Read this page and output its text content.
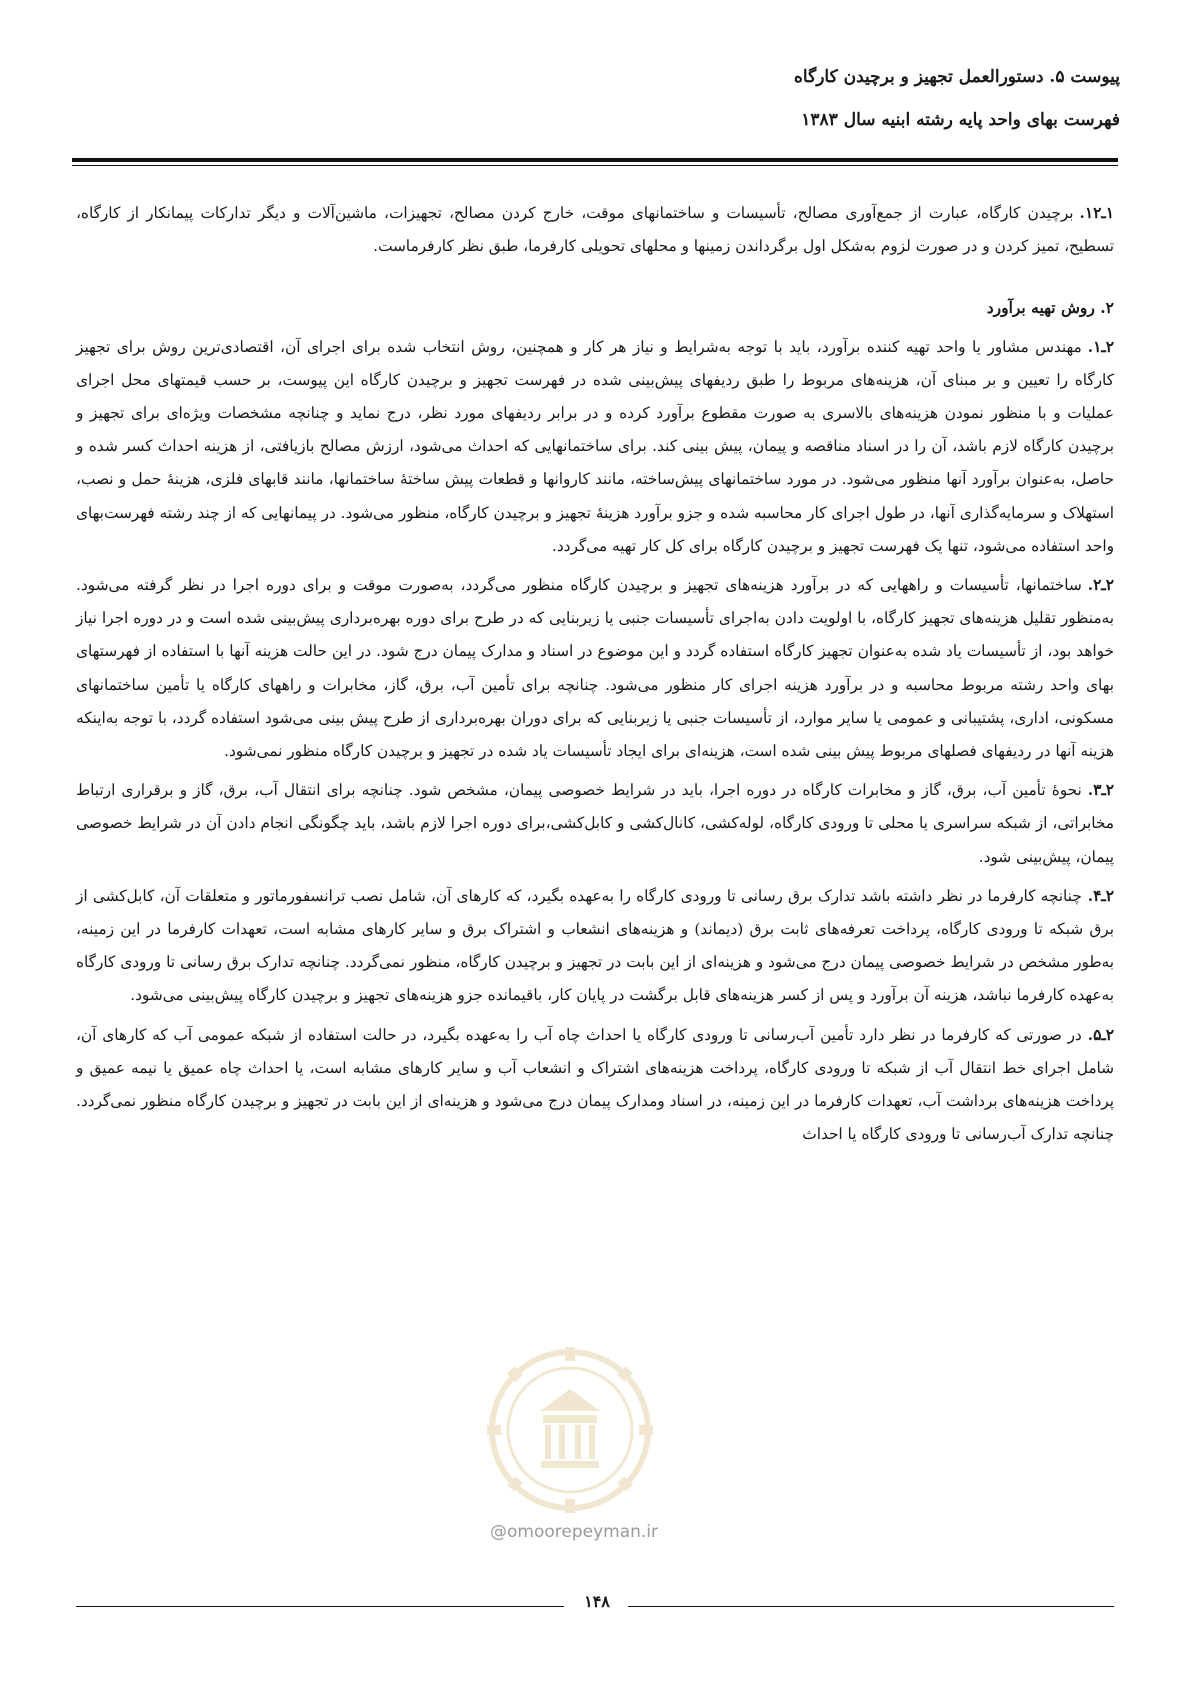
پیوست ۵. دستورالعمل تجهیز و برچیدن کارگاه
فهرست بهای واحد پایه رشته ابنیه سال ۱۳۸۳

۱ـ۱۲.برچیدن کارگاه، عبارت از جمع‌آوری مصالح، تأسیسات و ساختمانهای موقت، خارج کردن مصالح، تجهیزات، ماشین‌آلات و دیگر تدارکات پیمانکار از کارگاه، تسطیح، تمیز کردن و در صورت لزوم به‌شکل اول برگرداندن زمینها و محلهای تحویلی کارفرما، طبق نظر کارفرماست.

۲. روش تهیه برآورد

۲ـ۱.مهندس مشاور یا واحد تهیه کننده برآورد، باید با توجه به‌شرایط و نیاز هر کار و همچنین، روش انتخاب شده برای اجرای آن، اقتصادی‌ترین روش برای تجهیز کارگاه را تعیین و بر مبنای آن، هزینه‌های مربوط را طبق ردیفهای پیش‌بینی شده در فهرست تجهیز و برچیدن کارگاه این پیوست، بر حسب قیمتهای محل اجرای عملیات و با منظور نمودن هزینه‌های بالاسری به صورت مقطوع برآورد کرده و در برابر ردیفهای مورد نظر، درج نماید و چنانچه مشخصات ویژه‌ای برای تجهیز و برچیدن کارگاه لازم باشد، آن را در اسناد مناقصه و پیمان، پیش بینی کند. برای ساختمانهایی که احداث می‌شود، ارزش مصالح بازیافتی، از هزینه احداث کسر شده و حاصل، به‌عنوان برآورد آنها منظور می‌شود. در مورد ساختمانهای پیش‌ساخته، مانند کاروانها و قطعات پیش ساختهٔ ساختمانها، مانند قابهای فلزی، هزینهٔ حمل و نصب، استهلاک و سرمایه‌گذاری آنها، در طول اجرای کار محاسبه شده و جزو برآورد هزینهٔ تجهیز و برچیدن کارگاه، منظور می‌شود. در پیمانهایی که از چند رشته فهرست‌بهای واحد استفاده می‌شود، تنها یک فهرست تجهیز و برچیدن کارگاه برای کل کار تهیه می‌گردد.

۲ـ۲.ساختمانها، تأسیسات و راههایی که در برآورد هزینه‌های تجهیز و برچیدن کارگاه منظور می‌گردد، به‌صورت موقت و برای دوره اجرا در نظر گرفته می‌شود. به‌منظور تقلیل هزینه‌های تجهیز کارگاه، با اولویت دادن به‌اجرای تأسیسات جنبی یا زیربنایی که در طرح برای دوره بهره‌برداری پیش‌بینی شده است و در دوره اجرا نیاز خواهد بود، از تأسیسات یاد شده به‌عنوان تجهیز کارگاه استفاده گردد و این موضوع در اسناد و مدارک پیمان درج شود. در این حالت هزینه آنها با استفاده از فهرستهای بهای واحد رشته مربوط محاسبه و در برآورد هزینه اجرای کار منظور می‌شود. چنانچه برای تأمین آب، برق، گاز، مخابرات و راههای کارگاه یا تأمین ساختمانهای مسکونی، اداری، پشتیبانی و عمومی یا سایر موارد، از تأسیسات جنبی یا زیربنایی که برای دوران بهره‌برداری از طرح پیش بینی می‌شود استفاده گردد، با توجه به‌اینکه هزینه آنها در ردیفهای فصلهای مربوط پیش بینی شده است، هزینه‌ای برای ایجاد تأسیسات یاد شده در تجهیز و برچیدن کارگاه منظور نمی‌شود.

۲ـ۳.نحوهٔ تأمین آب، برق، گاز و مخابرات کارگاه در دوره اجرا، باید در شرایط خصوصی پیمان، مشخص شود. چنانچه برای انتقال آب، برق، گاز و برقراری ارتباط مخابراتی، از شبکه سراسری یا محلی تا ورودی کارگاه، لوله‌کشی، کانال‌کشی و کابل‌کشی،برای دوره اجرا لازم باشد، باید چگونگی انجام دادن آن در شرایط خصوصی پیمان، پیش‌بینی شود.

۲ـ۴.چنانچه کارفرما در نظر داشته باشد تدارک برق رسانی تا ورودی کارگاه را به‌عهده بگیرد، که کارهای آن، شامل نصب ترانسفورماتور و متعلقات آن، کابل‌کشی از برق شبکه تا ورودی کارگاه، پرداخت تعرفه‌های ثابت برق (دیماند) و هزینه‌های انشعاب و اشتراک برق و سایر کارهای مشابه است، تعهدات کارفرما در این زمینه، به‌طور مشخص در شرایط خصوصی پیمان درج می‌شود و هزینه‌ای از این بابت در تجهیز و برچیدن کارگاه، منظور نمی‌گردد. چنانچه تدارک برق رسانی تا ورودی کارگاه به‌عهده کارفرما نباشد، هزینه آن برآورد و پس از کسر هزینه‌های قابل برگشت در پایان کار، باقیمانده جزو هزینه‌های تجهیز و برچیدن کارگاه پیش‌بینی می‌شود.

۲ـ۵.در صورتی که کارفرما در نظر دارد تأمین آب‌رسانی تا ورودی کارگاه یا احداث چاه آب را به‌عهده بگیرد، در حالت استفاده از شبکه عمومی آب که کارهای آن، شامل اجرای خط انتقال آب از شبکه تا ورودی کارگاه، پرداخت هزینه‌های اشتراک و انشعاب آب و سایر کارهای مشابه است، یا احداث چاه عمیق یا نیمه عمیق و پرداخت هزینه‌های برداشت آب، تعهدات کارفرما در این زمینه، در اسناد ومدارک پیمان درج می‌شود و هزینه‌ای از این بابت در تجهیز و برچیدن کارگاه منظور نمی‌گردد. چنانچه تدارک آب‌رسانی تا ورودی کارگاه یا احداث

@omoorepeyman.ir
۱۴۸
